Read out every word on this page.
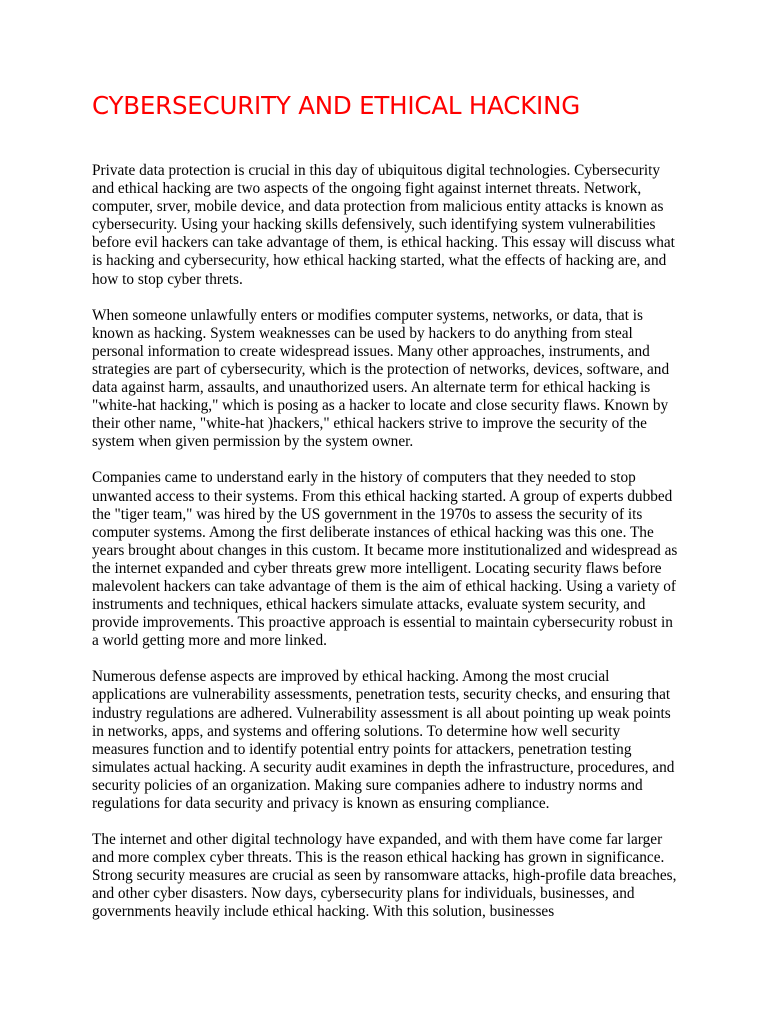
CYBERSECURITY AND ETHICAL HACKING

Private data protection is crucial in this day of ubiquitous digital technologies. Cybersecurity and ethical hacking are two aspects of the ongoing fight against internet threats. Network, computer, srver, mobile device, and data protection from malicious entity attacks is known as cybersecurity. Using your hacking skills defensively, such identifying system vulnerabilities before evil hackers can take advantage of them, is ethical hacking. This essay will discuss what is hacking and cybersecurity, how ethical hacking started, what the effects of hacking are, and how to stop cyber threts.

When someone unlawfully enters or modifies computer systems, networks, or data, that is known as hacking. System weaknesses can be used by hackers to do anything from steal personal information to create widespread issues. Many other approaches, instruments, and strategies are part of cybersecurity, which is the protection of networks, devices, software, and data against harm, assaults, and unauthorized users. An alternate term for ethical hacking is "white-hat hacking," which is posing as a hacker to locate and close security flaws. Known by their other name, "white-hat )hackers," ethical hackers strive to improve the security of the system when given permission by the system owner.

Companies came to understand early in the history of computers that they needed to stop unwanted access to their systems. From this ethical hacking started. A group of experts dubbed the "tiger team," was hired by the US government in the 1970s to assess the security of its computer systems. Among the first deliberate instances of ethical hacking was this one. The years brought about changes in this custom. It became more institutionalized and widespread as the internet expanded and cyber threats grew more intelligent. Locating security flaws before malevolent hackers can take advantage of them is the aim of ethical hacking. Using a variety of instruments and techniques, ethical hackers simulate attacks, evaluate system security, and provide improvements. This proactive approach is essential to maintain cybersecurity robust in a world getting more and more linked.

Numerous defense aspects are improved by ethical hacking. Among the most crucial applications are vulnerability assessments, penetration tests, security checks, and ensuring that industry regulations are adhered. Vulnerability assessment is all about pointing up weak points in networks, apps, and systems and offering solutions. To determine how well security measures function and to identify potential entry points for attackers, penetration testing simulates actual hacking. A security audit examines in depth the infrastructure, procedures, and security policies of an organization. Making sure companies adhere to industry norms and regulations for data security and privacy is known as ensuring compliance.

The internet and other digital technology have expanded, and with them have come far larger and more complex cyber threats. This is the reason ethical hacking has grown in significance. Strong security measures are crucial as seen by ransomware attacks, high-profile data breaches, and other cyber disasters. Now days, cybersecurity plans for individuals, businesses, and governments heavily include ethical hacking. With this solution, businesses
